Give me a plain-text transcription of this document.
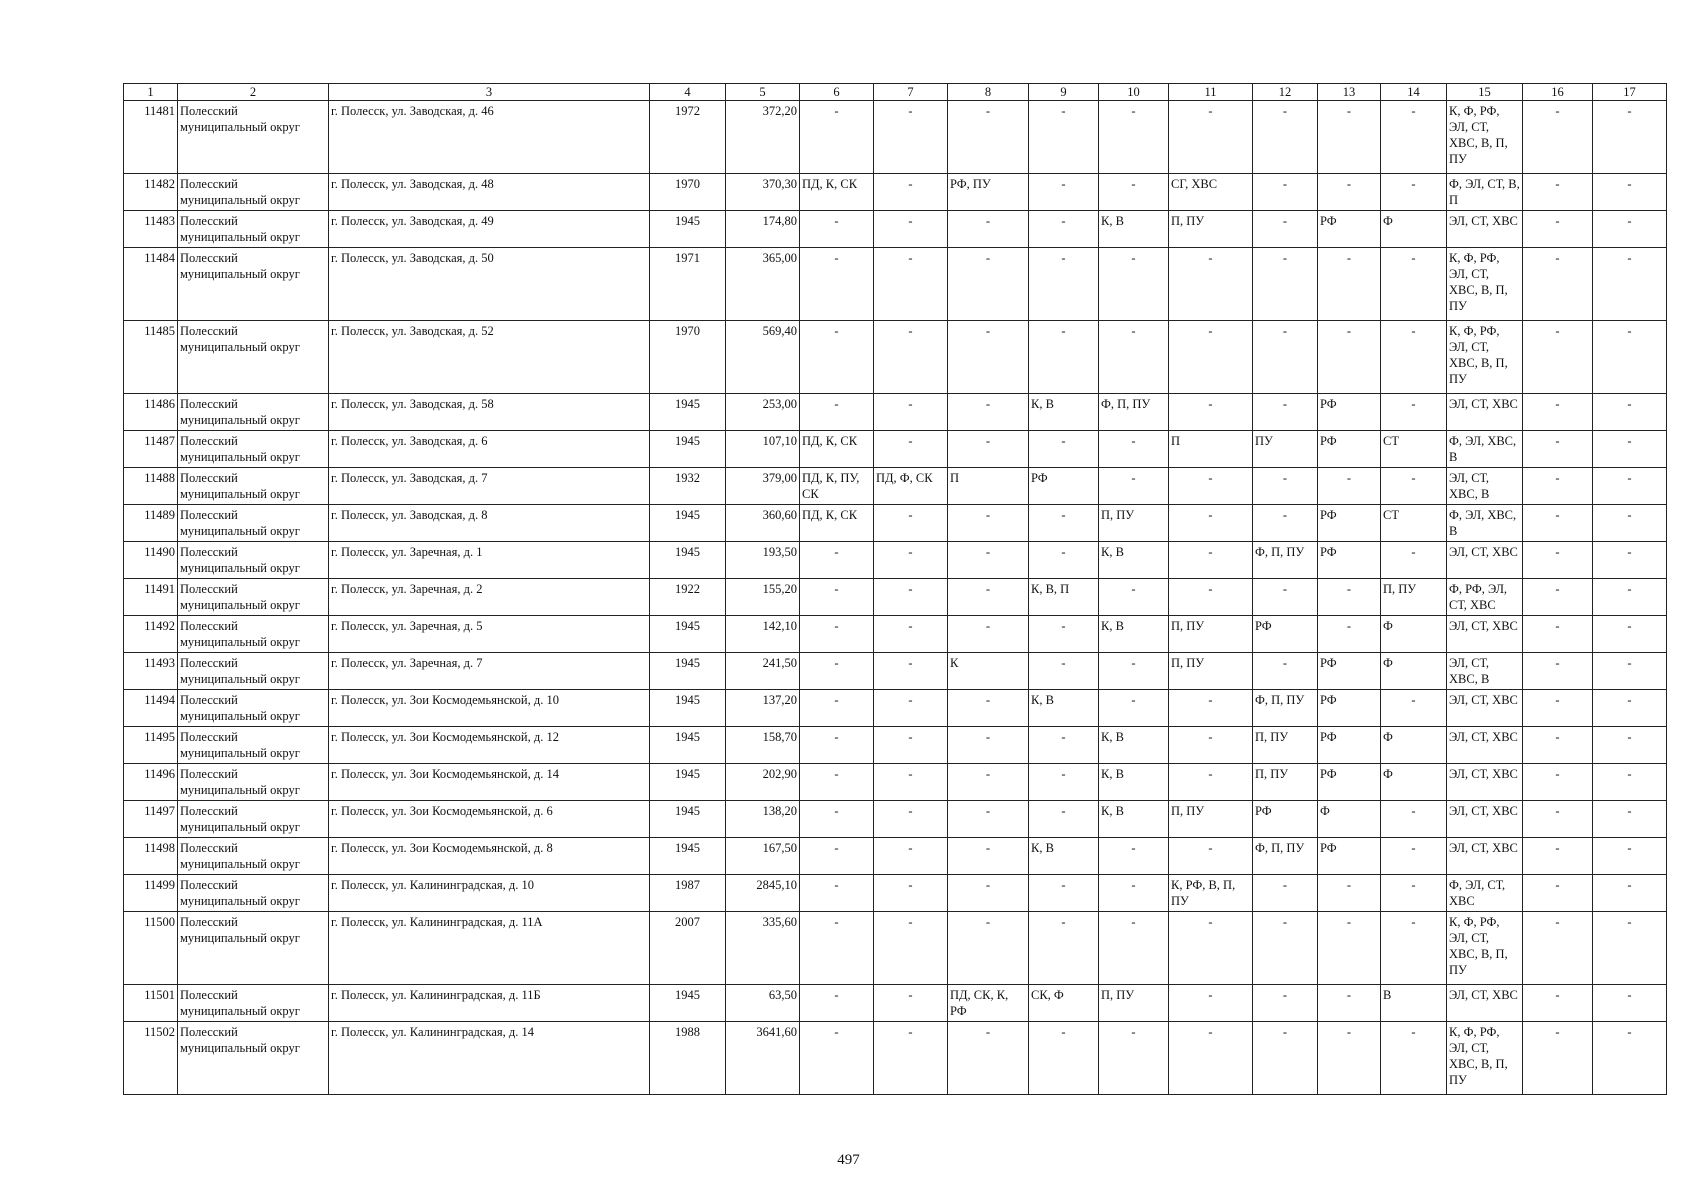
1	2	3	4	5	6	7	8	9	10	11	12	13	14	15	16	17
11481	Полесский муниципальный округ	г. Полесск, ул. Заводская, д. 46	1972	372,20	-	-	-	-	-	-	-	-	-	К, Ф, РФ, ЭЛ, СТ, ХВС, В, П, ПУ	-	-
11482	Полесский муниципальный округ	г. Полесск, ул. Заводская, д. 48	1970	370,30	ПД, К, СК	-	РФ, ПУ	-	-	СГ, ХВС	-	-	-	Ф, ЭЛ, СТ, В, П	-	-
11483	Полесский муниципальный округ	г. Полесск, ул. Заводская, д. 49	1945	174,80	-	-	-	-	К, В	П, ПУ	-	РФ	Ф	ЭЛ, СТ, ХВС	-	-
11484	Полесский муниципальный округ	г. Полесск, ул. Заводская, д. 50	1971	365,00	-	-	-	-	-	-	-	-	-	К, Ф, РФ, ЭЛ, СТ, ХВС, В, П, ПУ	-	-
11485	Полесский муниципальный округ	г. Полесск, ул. Заводская, д. 52	1970	569,40	-	-	-	-	-	-	-	-	-	К, Ф, РФ, ЭЛ, СТ, ХВС, В, П, ПУ	-	-
11486	Полесский муниципальный округ	г. Полесск, ул. Заводская, д. 58	1945	253,00	-	-	-	К, В	Ф, П, ПУ	-	-	РФ	-	ЭЛ, СТ, ХВС	-	-
11487	Полесский муниципальный округ	г. Полесск, ул. Заводская, д. 6	1945	107,10	ПД, К, СК	-	-	-	-	П	ПУ	РФ	СТ	Ф, ЭЛ, ХВС, В	-	-
11488	Полесский муниципальный округ	г. Полесск, ул. Заводская, д. 7	1932	379,00	ПД, К, ПУ, СК	ПД, Ф, СК	П	РФ	-	-	-	-	-	ЭЛ, СТ, ХВС, В	-	-
11489	Полесский муниципальный округ	г. Полесск, ул. Заводская, д. 8	1945	360,60	ПД, К, СК	-	-	-	П, ПУ	-	-	РФ	СТ	Ф, ЭЛ, ХВС, В	-	-
11490	Полесский муниципальный округ	г. Полесск, ул. Заречная, д. 1	1945	193,50	-	-	-	-	К, В	-	Ф, П, ПУ	РФ	-	ЭЛ, СТ, ХВС	-	-
11491	Полесский муниципальный округ	г. Полесск, ул. Заречная, д. 2	1922	155,20	-	-	-	К, В, П	-	-	-	-	П, ПУ	Ф, РФ, ЭЛ, СТ, ХВС	-	-
11492	Полесский муниципальный округ	г. Полесск, ул. Заречная, д. 5	1945	142,10	-	-	-	-	К, В	П, ПУ	РФ	-	Ф	ЭЛ, СТ, ХВС	-	-
11493	Полесский муниципальный округ	г. Полесск, ул. Заречная, д. 7	1945	241,50	-	-	К	-	-	П, ПУ	-	РФ	Ф	ЭЛ, СТ, ХВС, В	-	-
11494	Полесский муниципальный округ	г. Полесск, ул. Зои Космодемьянской, д. 10	1945	137,20	-	-	-	К, В	-	-	Ф, П, ПУ	РФ	-	ЭЛ, СТ, ХВС	-	-
11495	Полесский муниципальный округ	г. Полесск, ул. Зои Космодемьянской, д. 12	1945	158,70	-	-	-	-	К, В	-	П, ПУ	РФ	Ф	ЭЛ, СТ, ХВС	-	-
11496	Полесский муниципальный округ	г. Полесск, ул. Зои Космодемьянской, д. 14	1945	202,90	-	-	-	-	К, В	-	П, ПУ	РФ	Ф	ЭЛ, СТ, ХВС	-	-
11497	Полесский муниципальный округ	г. Полесск, ул. Зои Космодемьянской, д. 6	1945	138,20	-	-	-	-	К, В	П, ПУ	РФ	Ф	-	ЭЛ, СТ, ХВС	-	-
11498	Полесский муниципальный округ	г. Полесск, ул. Зои Космодемьянской, д. 8	1945	167,50	-	-	-	К, В	-	-	Ф, П, ПУ	РФ	-	ЭЛ, СТ, ХВС	-	-
11499	Полесский муниципальный округ	г. Полесск, ул. Калининградская, д. 10	1987	2845,10	-	-	-	-	-	К, РФ, В, П, ПУ	-	-	-	Ф, ЭЛ, СТ, ХВС	-	-
11500	Полесский муниципальный округ	г. Полесск, ул. Калининградская, д. 11А	2007	335,60	-	-	-	-	-	-	-	-	-	К, Ф, РФ, ЭЛ, СТ, ХВС, В, П, ПУ	-	-
11501	Полесский муниципальный округ	г. Полесск, ул. Калининградская, д. 11Б	1945	63,50	-	-	ПД, СК, К, РФ	СК, Ф	П, ПУ	-	-	-	В	ЭЛ, СТ, ХВС	-	-
11502	Полесский муниципальный округ	г. Полесск, ул. Калининградская, д. 14	1988	3641,60	-	-	-	-	-	-	-	-	-	К, Ф, РФ, ЭЛ, СТ, ХВС, В, П, ПУ	-	-
497
